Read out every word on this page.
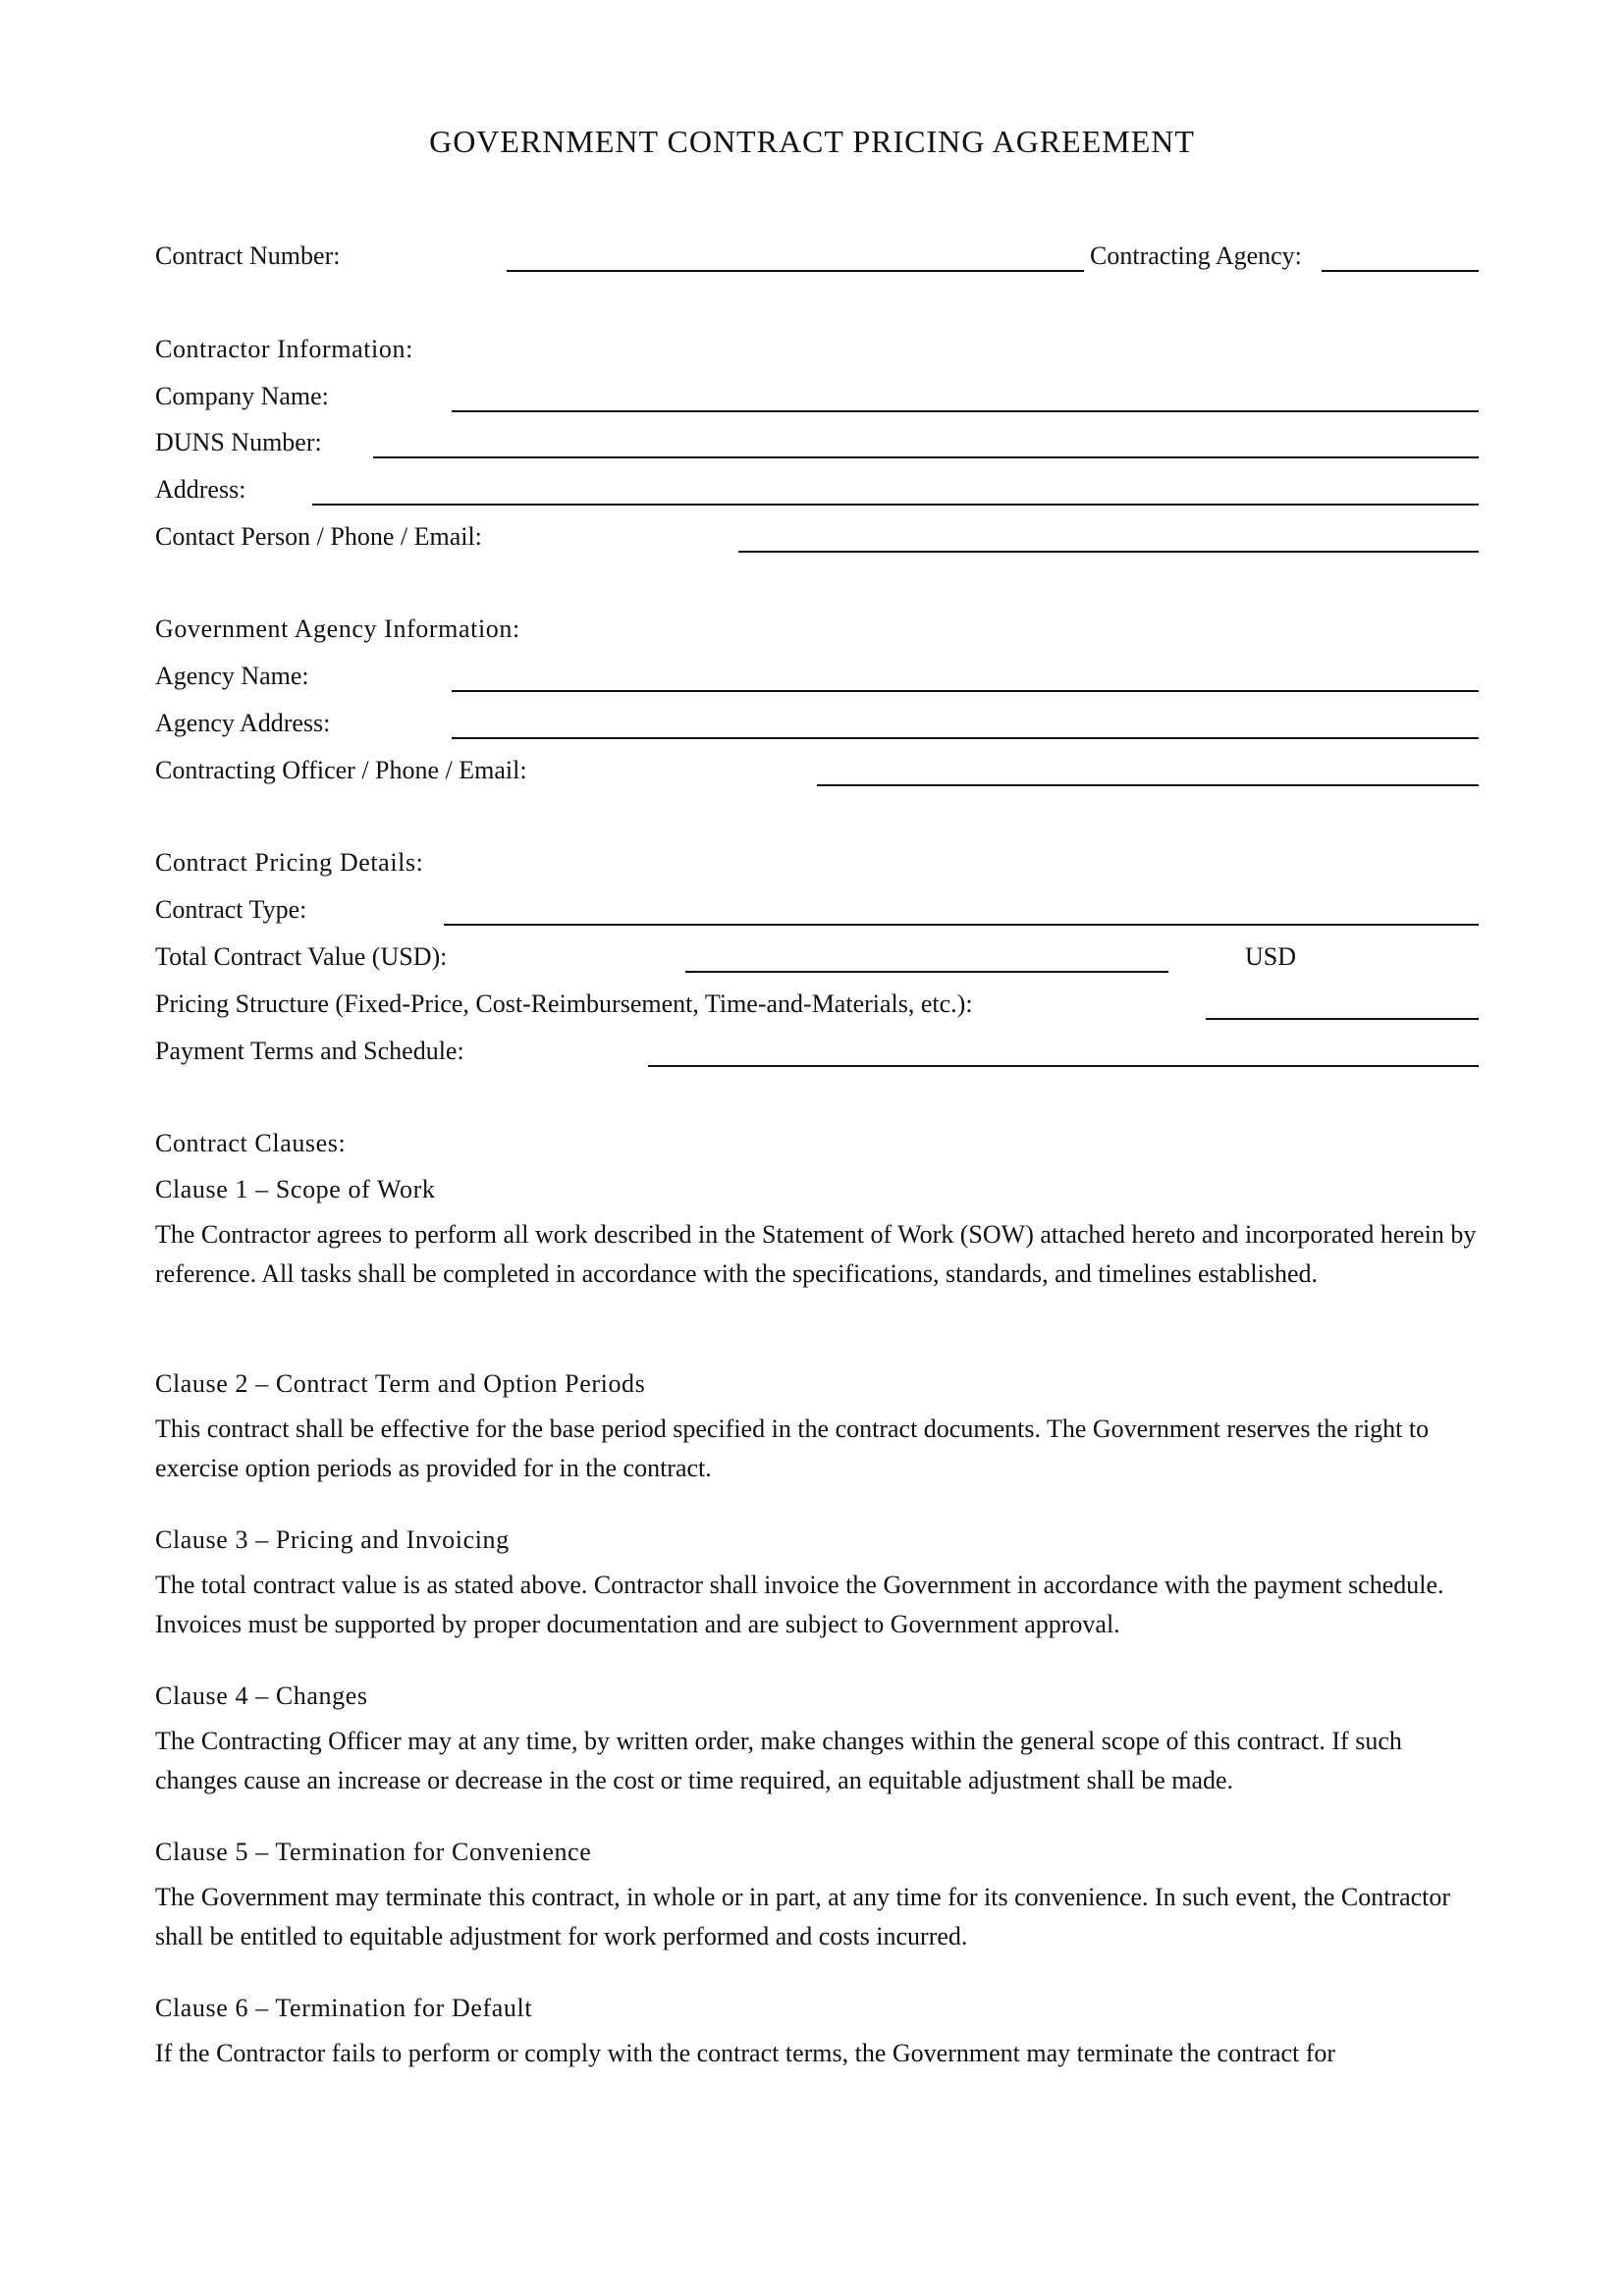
GOVERNMENT CONTRACT PRICING AGREEMENT
Contract Number:	Contracting Agency:
Contractor Information:
Company Name:
DUNS Number:
Address:
Contact Person / Phone / Email:
Government Agency Information:
Agency Name:
Agency Address:
Contracting Officer / Phone / Email:
Contract Pricing Details:
Contract Type:
Total Contract Value (USD):	USD
Pricing Structure (Fixed-Price, Cost-Reimbursement, Time-and-Materials, etc.):
Payment Terms and Schedule:
Contract Clauses:
Clause 1 – Scope of Work
The Contractor agrees to perform all work described in the Statement of Work (SOW) attached hereto and incorporated herein by reference. All tasks shall be completed in accordance with the specifications, standards, and timelines established.
Clause 2 – Contract Term and Option Periods
This contract shall be effective for the base period specified in the contract documents. The Government reserves the right to exercise option periods as provided for in the contract.
Clause 3 – Pricing and Invoicing
The total contract value is as stated above. Contractor shall invoice the Government in accordance with the payment schedule. Invoices must be supported by proper documentation and are subject to Government approval.
Clause 4 – Changes
The Contracting Officer may at any time, by written order, make changes within the general scope of this contract. If such changes cause an increase or decrease in the cost or time required, an equitable adjustment shall be made.
Clause 5 – Termination for Convenience
The Government may terminate this contract, in whole or in part, at any time for its convenience. In such event, the Contractor shall be entitled to equitable adjustment for work performed and costs incurred.
Clause 6 – Termination for Default
If the Contractor fails to perform or comply with the contract terms, the Government may terminate the contract for
